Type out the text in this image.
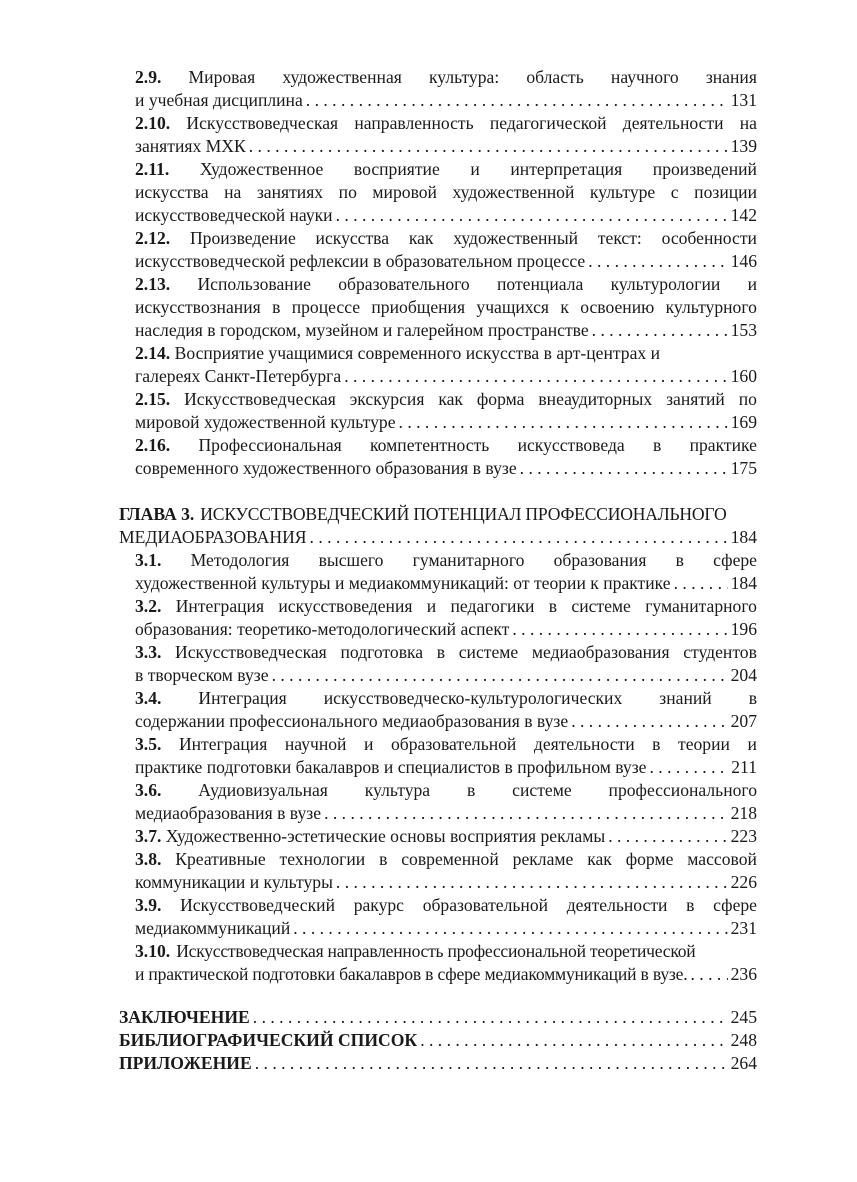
2.9. Мировая художественная культура: область научного знания
и учебная дисциплина . . .	131
2.10. Искусствоведческая направленность педагогической деятельности на
занятиях МХК . . .	139
2.11. Художественное восприятие и интерпретация произведений
искусства на занятиях по мировой художественной культуре с позиции
искусствоведческой науки . . .	142
2.12. Произведение искусства как художественный текст: особенности
искусствоведческой рефлексии в образовательном процессе . . .	146
2.13. Использование образовательного потенциала культурологии и
искусствознания в процессе приобщения учащихся к освоению культурного
наследия в городском, музейном и галерейном пространстве . . .	153
2.14. Восприятие учащимися современного искусства в арт-центрах и
галереях Санкт-Петербурга . . .	160
2.15. Искусствоведческая экскурсия как форма внеаудиторных занятий по
мировой художественной культуре . . .	169
2.16. Профессиональная компетентность искусствоведа в практике
современного художественного образования в вузе . . .	175
ГЛАВА 3. ИСКУССТВОВЕДЧЕСКИЙ ПОТЕНЦИАЛ ПРОФЕССИОНАЛЬНОГО
МЕДИАОБРАЗОВАНИЯ . . .	184
3.1. Методология высшего гуманитарного образования в сфере
художественной культуры и медиакоммуникаций: от теории к практике . . .	184
3.2. Интеграция искусствоведения и педагогики в системе гуманитарного
образования: теоретико-методологический аспект . . .	196
3.3. Искусствоведческая подготовка в системе медиаобразования студентов
в творческом вузе . . .	204
3.4. Интеграция искусствоведческо-культурологических знаний в
содержании профессионального медиаобразования в вузе . . .	207
3.5. Интеграция научной и образовательной деятельности в теории и
практике подготовки бакалавров и специалистов в профильном вузе . . .	211
3.6. Аудиовизуальная культура в системе профессионального
медиаобразования в вузе . . .	218
3.7. Художественно-эстетические основы восприятия рекламы . . .	223
3.8. Креативные технологии в современной рекламе как форме массовой
коммуникации и культуры . . .	226
3.9. Искусствоведческий ракурс образовательной деятельности в сфере
медиакоммуникаций . . .	231
3.10. Искусствоведческая направленность профессиональной теоретической
и практической подготовки бакалавров в сфере медиакоммуникаций в вузе. . . . 236
ЗАКЛЮЧЕНИЕ . . .	245
БИБЛИОГРАФИЧЕСКИЙ СПИСОК . . .	248
ПРИЛОЖЕНИЕ . . .	264
